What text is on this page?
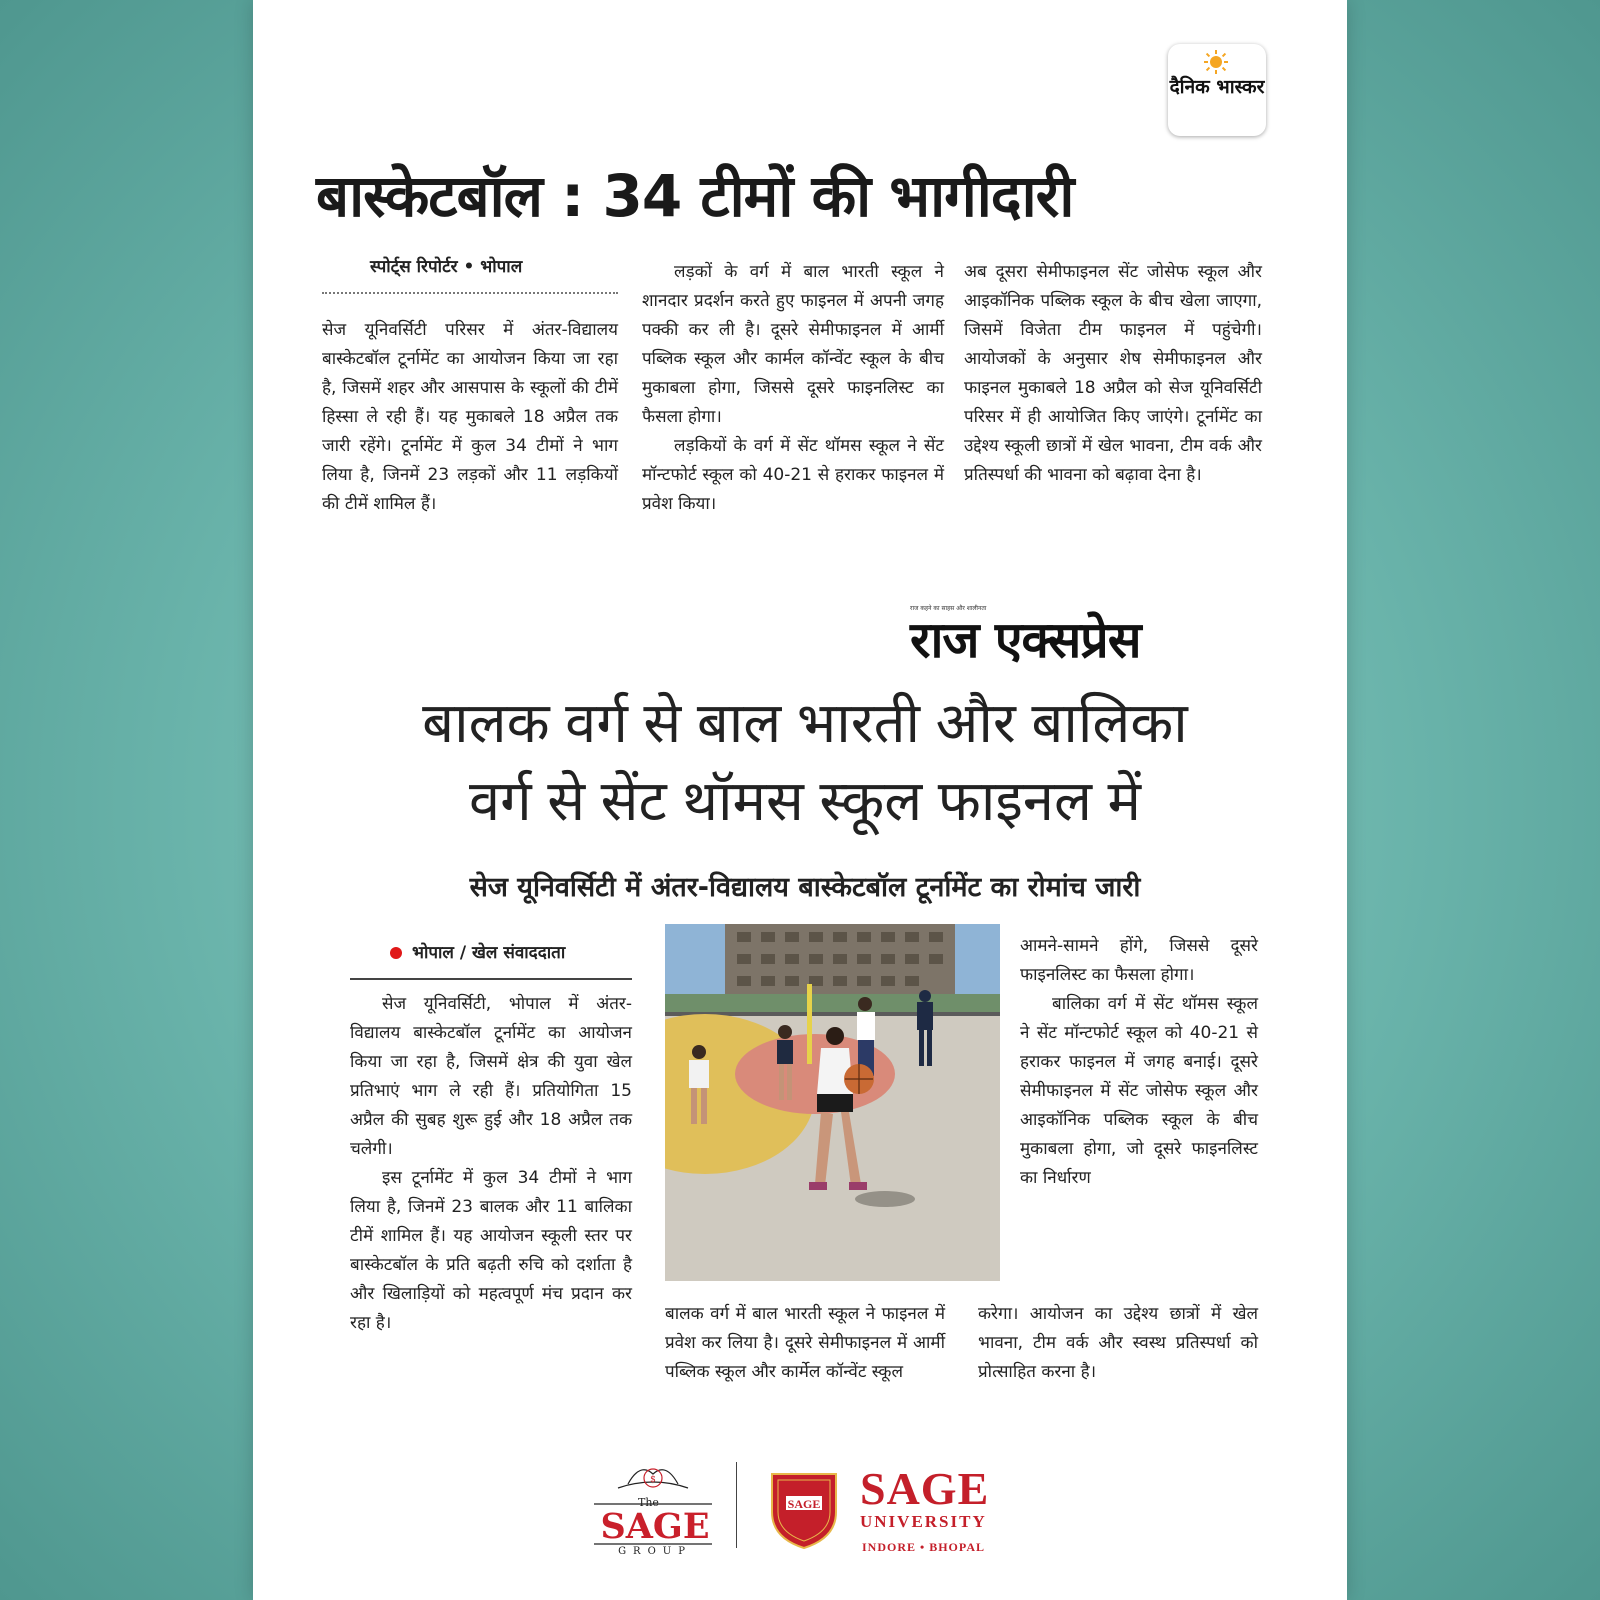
दैनिक भास्कर
बास्केटबॉल : 34 टीमों की भागीदारी
स्पोर्ट्स रिपोर्टर • भोपाल

सेज यूनिवर्सिटी परिसर में अंतर-विद्यालय बास्केटबॉल टूर्नामेंट का आयोजन किया जा रहा है, जिसमें शहर और आसपास के स्कूलों की टीमें हिस्सा ले रही हैं। यह मुकाबले 18 अप्रैल तक जारी रहेंगे। टूर्नामेंट में कुल 34 टीमों ने भाग लिया है, जिनमें 23 लड़कों और 11 लड़कियों की टीमें शामिल हैं।

लड़कों के वर्ग में बाल भारती स्कूल ने शानदार प्रदर्शन करते हुए फाइनल में अपनी जगह पक्की कर ली है। दूसरे सेमीफाइनल में आर्मी पब्लिक स्कूल और कार्मल कॉन्वेंट स्कूल के बीच मुकाबला होगा, जिससे दूसरे फाइनलिस्ट का फैसला होगा।

लड़कियों के वर्ग में सेंट थॉमस स्कूल ने सेंट मॉन्टफोर्ट स्कूल को 40-21 से हराकर फाइनल में प्रवेश किया।

अब दूसरा सेमीफाइनल सेंट जोसेफ स्कूल और आइकॉनिक पब्लिक स्कूल के बीच खेला जाएगा, जिसमें विजेता टीम फाइनल में पहुंचेगी। आयोजकों के अनुसार शेष सेमीफाइनल और फाइनल मुकाबले 18 अप्रैल को सेज यूनिवर्सिटी परिसर में ही आयोजित किए जाएंगे। टूर्नामेंट का उद्देश्य स्कूली छात्रों में खेल भावना, टीम वर्क और प्रतिस्पर्धा की भावना को बढ़ावा देना है।

राज कहने का साहस और शालीनता
राज एक्सप्रेस
बालक वर्ग से बाल भारती और बालिका
वर्ग से सेंट थॉमस स्कूल फाइनल में
सेज यूनिवर्सिटी में अंतर-विद्यालय बास्केटबॉल टूर्नामेंट का रोमांच जारी
भोपाल / खेल संवाददाता

सेज यूनिवर्सिटी, भोपाल में अंतर-विद्यालय बास्केटबॉल टूर्नामेंट का आयोजन किया जा रहा है, जिसमें क्षेत्र की युवा खेल प्रतिभाएं भाग ले रही हैं। प्रतियोगिता 15 अप्रैल की सुबह शुरू हुई और 18 अप्रैल तक चलेगी।

इस टूर्नामेंट में कुल 34 टीमों ने भाग लिया है, जिनमें 23 बालक और 11 बालिका टीमें शामिल हैं। यह आयोजन स्कूली स्तर पर बास्केटबॉल के प्रति बढ़ती रुचि को दर्शाता है और खिलाड़ियों को महत्वपूर्ण मंच प्रदान कर रहा है।	बालक वर्ग में बाल भारती स्कूल ने फाइनल में प्रवेश कर लिया है। दूसरे सेमीफाइनल में आर्मी पब्लिक स्कूल और कार्मेल कॉन्वेंट स्कूल

आमने-सामने होंगे, जिससे दूसरे फाइनलिस्ट का फैसला होगा।

बालिका वर्ग में सेंट थॉमस स्कूल ने सेंट मॉन्टफोर्ट स्कूल को 40-21 से हराकर फाइनल में जगह बनाई। दूसरे सेमीफाइनल में सेंट जोसेफ स्कूल और आइकॉनिक पब्लिक स्कूल के बीच मुकाबला होगा, जो दूसरे फाइनलिस्ट का निर्धारण

करेगा। आयोजन का उद्देश्य छात्रों में खेल भावना, टीम वर्क और स्वस्थ प्रतिस्पर्धा को प्रोत्साहित करना है।

$
The
SAGE
GROUP
SAGE SAGE
UNIVERSITY
INDORE • BHOPAL
